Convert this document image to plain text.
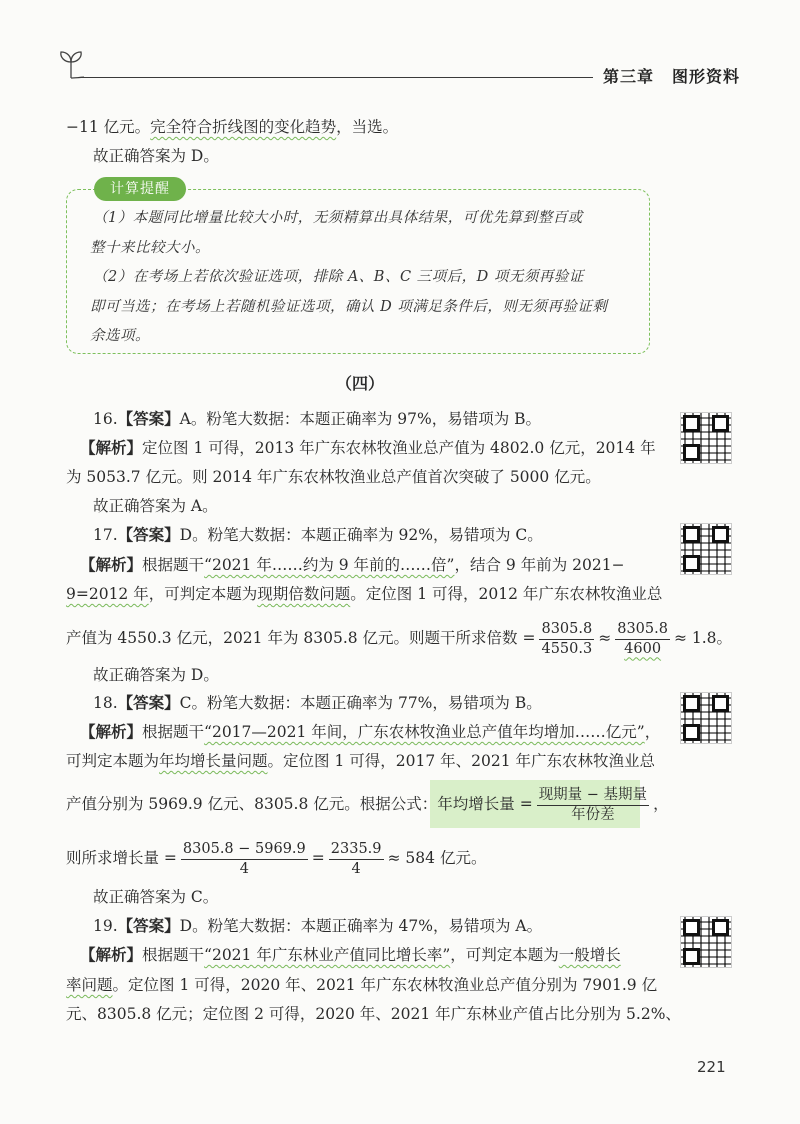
第三章 图形资料
−11 亿元。完全符合折线图的变化趋势，当选。
故正确答案为 D。
计算提醒
（1）本题同比增量比较大小时，无须精算出具体结果，可优先算到整百或
整十来比较大小。
（2）在考场上若依次验证选项，排除 A、B、C 三项后，D 项无须再验证
即可当选；在考场上若随机验证选项，确认 D 项满足条件后，则无须再验证剩
余选项。
（四）
16.【答案】A。粉笔大数据：本题正确率为 97%，易错项为 B。
【解析】定位图 1 可得，2013 年广东农林牧渔业总产值为 4802.0 亿元，2014 年
为 5053.7 亿元。则 2014 年广东农林牧渔业总产值首次突破了 5000 亿元。
故正确答案为 A。
17.【答案】D。粉笔大数据：本题正确率为 92%，易错项为 C。
【解析】根据题干“2021 年……约为 9 年前的……倍”，结合 9 年前为 2021−
9=2012 年，可判定本题为现期倍数问题。定位图 1 可得，2012 年广东农林牧渔业总
产值为 4550.3 亿元，2021 年为 8305.8 亿元。则题干所求倍数 = $\frac{8305.8}{4550.3} \approx \frac{8305.8}{4600} \approx 1.8$。
故正确答案为 D。
18.【答案】C。粉笔大数据：本题正确率为 77%，易错项为 B。
【解析】根据题干“2017—2021 年间，广东农林牧渔业总产值年均增加……亿元”，
可判定本题为年均增长量问题。定位图 1 可得，2017 年、2021 年广东农林牧渔业总
产值分别为 5969.9 亿元、8305.8 亿元。根据公式：年均增长量 = $\frac{\text{现期量 − 基期量}}{\text{年份差}}$ ，
则所求增长量 = $\frac{8305.8 - 5969.9}{4} = \frac{2335.9}{4} \approx 584$ 亿元。
故正确答案为 C。
19.【答案】D。粉笔大数据：本题正确率为 47%，易错项为 A。
【解析】根据题干“2021 年广东林业产值同比增长率”，可判定本题为一般增长
率问题。定位图 1 可得，2020 年、2021 年广东农林牧渔业总产值分别为 7901.9 亿
元、8305.8 亿元；定位图 2 可得，2020 年、2021 年广东林业产值占比分别为 5.2%、
221
